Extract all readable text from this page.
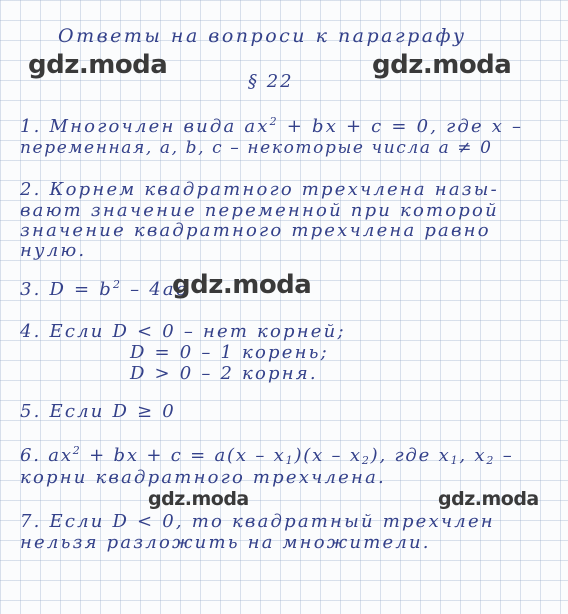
Ответы на вопроси к параграфу
gdz.moda	gdz.moda
§ 22
1. Многочлен вида $ax^2$ + bx + c = 0, где x –
переменная, a, b, c – некоторые числа a ≠ 0
2. Корнем квадратного трехчлена назы-
вают значение переменной при которой
значение квадратного трехчлена равно
нулю.
3. $D = b^2 - 4ac$
gdz.moda
4. Если D < 0 – нет корней;
D = 0 – 1 корень;
D > 0 – 2 корня.
5. Если D ≥ 0
6. $ax^2$ + bx + $c = a(x - x_1)(x - x_2)$, где $x_1$, $x_2$ –
корни квадратного трехчлена.
gdz.moda	gdz.moda
7. Если D < 0, то квадратный трехчлен
нельзя разложить на множители.
